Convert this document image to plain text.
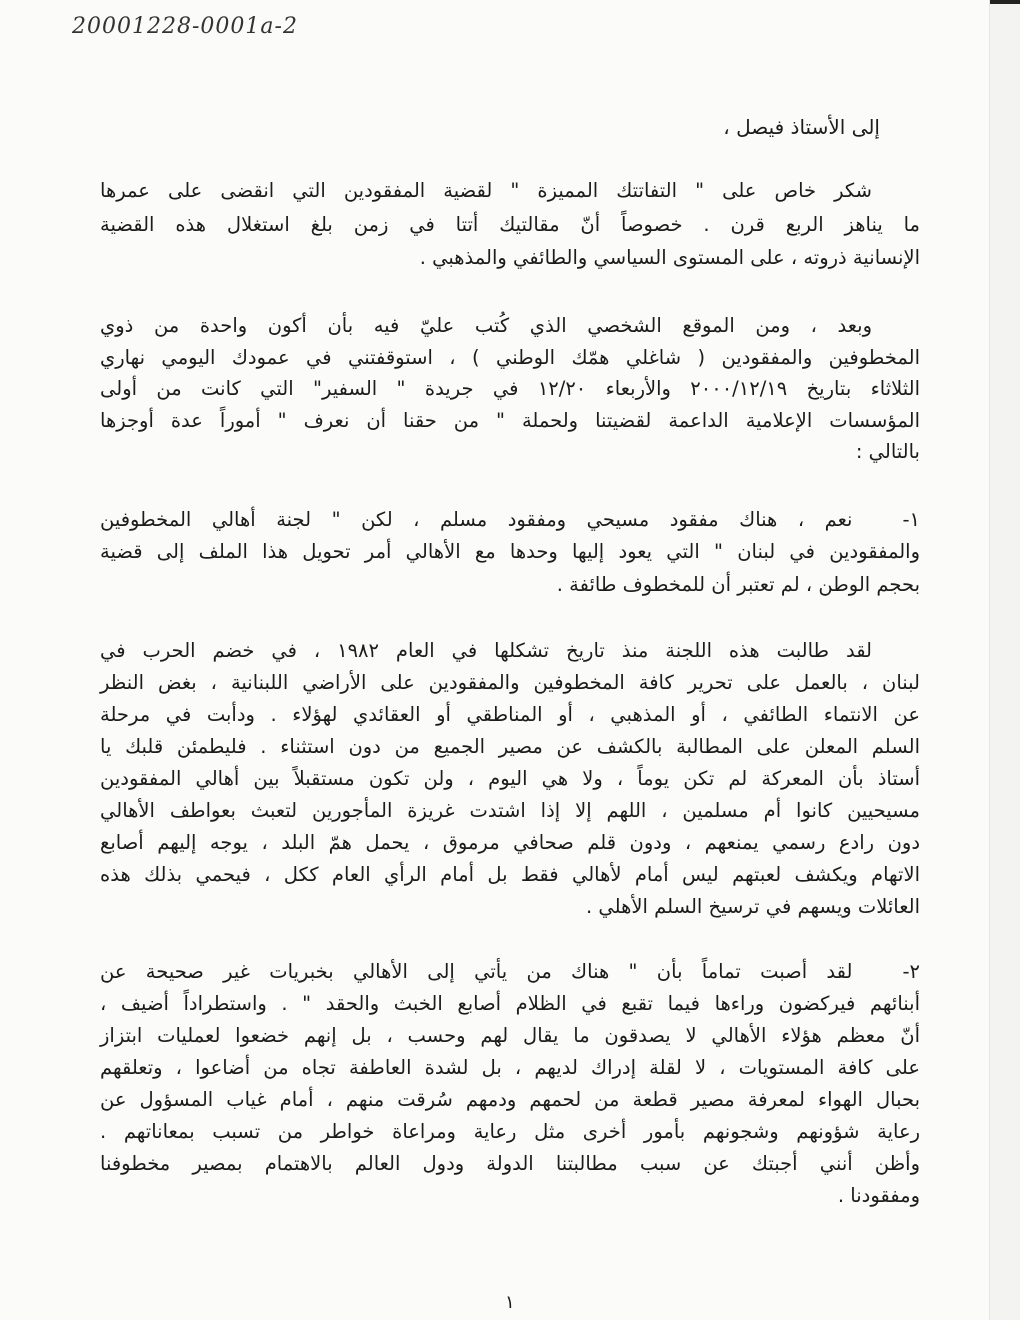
20001228-0001a-2
إلى الأستاذ فيصل ،
شكر خاص على " التفاتتك المميزة " لقضية المفقودين التي انقضى على عمرها
ما يناهز الربع قرن . خصوصاً أنّ مقالتيك أتتا في زمن بلغ استغلال هذه القضية
الإنسانية ذروته ، على المستوى السياسي والطائفي والمذهبي .
وبعد ، ومن الموقع الشخصي الذي كُتب عليّ فيه بأن أكون واحدة من ذوي
المخطوفين والمفقودين ( شاغلي همّك الوطني ) ، استوقفتني في عمودك اليومي نهاري
الثلاثاء بتاريخ ٢٠٠٠/١٢/١٩ والأربعاء ١٢/٢٠ في جريدة " السفير" التي كانت من أولى
المؤسسات الإعلامية الداعمة لقضيتنا ولحملة " من حقنا أن نعرف " أموراً عدة أوجزها
بالتالي :
١-نعم ، هناك مفقود مسيحي ومفقود مسلم ، لكن " لجنة أهالي المخطوفين
والمفقودين في لبنان " التي يعود إليها وحدها مع الأهالي أمر تحويل هذا الملف إلى قضية
بحجم الوطن ، لم تعتبر أن للمخطوف طائفة .
لقد طالبت هذه اللجنة منذ تاريخ تشكلها في العام ١٩٨٢ ، في خضم الحرب في
لبنان ، بالعمل على تحرير كافة المخطوفين والمفقودين على الأراضي اللبنانية ، بغض النظر
عن الانتماء الطائفي ، أو المذهبي ، أو المناطقي أو العقائدي لهؤلاء . ودأبت في مرحلة
السلم المعلن على المطالبة بالكشف عن مصير الجميع من دون استثناء . فليطمئن قلبك يا
أستاذ بأن المعركة لم تكن يوماً ، ولا هي اليوم ، ولن تكون مستقبلاً بين أهالي المفقودين
مسيحيين كانوا أم مسلمين ، اللهم إلا إذا اشتدت غريزة المأجورين لتعبث بعواطف الأهالي
دون رادع رسمي يمنعهم ، ودون قلم صحافي مرموق ، يحمل همّ البلد ، يوجه إليهم أصابع
الاتهام ويكشف لعبتهم ليس أمام لأهالي فقط بل أمام الرأي العام ككل ، فيحمي بذلك هذه
العائلات ويسهم في ترسيخ السلم الأهلي .
٢-لقد أصبت تماماً بأن " هناك من يأتي إلى الأهالي بخبريات غير صحيحة عن
أبنائهم فيركضون وراءها فيما تقبع في الظلام أصابع الخبث والحقد " . واستطراداً أضيف ،
أنّ معظم هؤلاء الأهالي لا يصدقون ما يقال لهم وحسب ، بل إنهم خضعوا لعمليات ابتزاز
على كافة المستويات ، لا لقلة إدراك لديهم ، بل لشدة العاطفة تجاه من أضاعوا ، وتعلقهم
بحبال الهواء لمعرفة مصير قطعة من لحمهم ودمهم سُرقت منهم ، أمام غياب المسؤول عن
رعاية شؤونهم وشجونهم بأمور أخرى مثل رعاية ومراعاة خواطر من تسبب بمعاناتهم .
وأظن أنني أجبتك عن سبب مطالبتنا الدولة ودول العالم بالاهتمام بمصير مخطوفنا
ومفقودنا .
١
